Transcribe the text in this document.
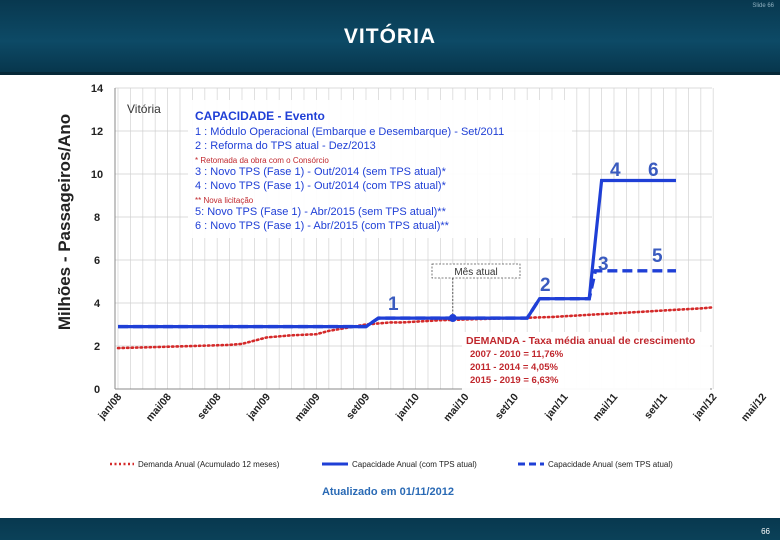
VITÓRIA
Slide 66
0
2
4
6
8
10
12
14
Milhões - Passageiros/Ano
Vitória
jan/08 mai/08 set/08 jan/09 mai/09 set/09 jan/10 mai/10 set/10 jan/11 mai/11 set/11 jan/12 mai/12
CAPACIDADE - Evento
1 : Módulo Operacional (Embarque e Desembarque) - Set/2011
2 : Reforma do TPS atual - Dez/2013
* Retomada da obra com o Consórcio
3 : Novo TPS (Fase 1) - Out/2014 (sem TPS atual)*
4 : Novo TPS (Fase 1) - Out/2014 (com TPS atual)*
** Nova licitação
5: Novo TPS (Fase 1) - Abr/2015 (sem TPS atual)**
6 : Novo TPS (Fase 1) - Abr/2015 (com TPS atual)**
DEMANDA - Taxa média anual de crescimento
2007 - 2010 = 11,76%
2011 - 2014 = 4,05%
2015 - 2019 = 6,63%
Mês atual
1
2
3
4
5
6
Demanda Anual (Acumulado 12 meses)	Capacidade Anual (com TPS atual)	Capacidade Anual (sem TPS atual)
Atualizado em 01/11/2012
66
